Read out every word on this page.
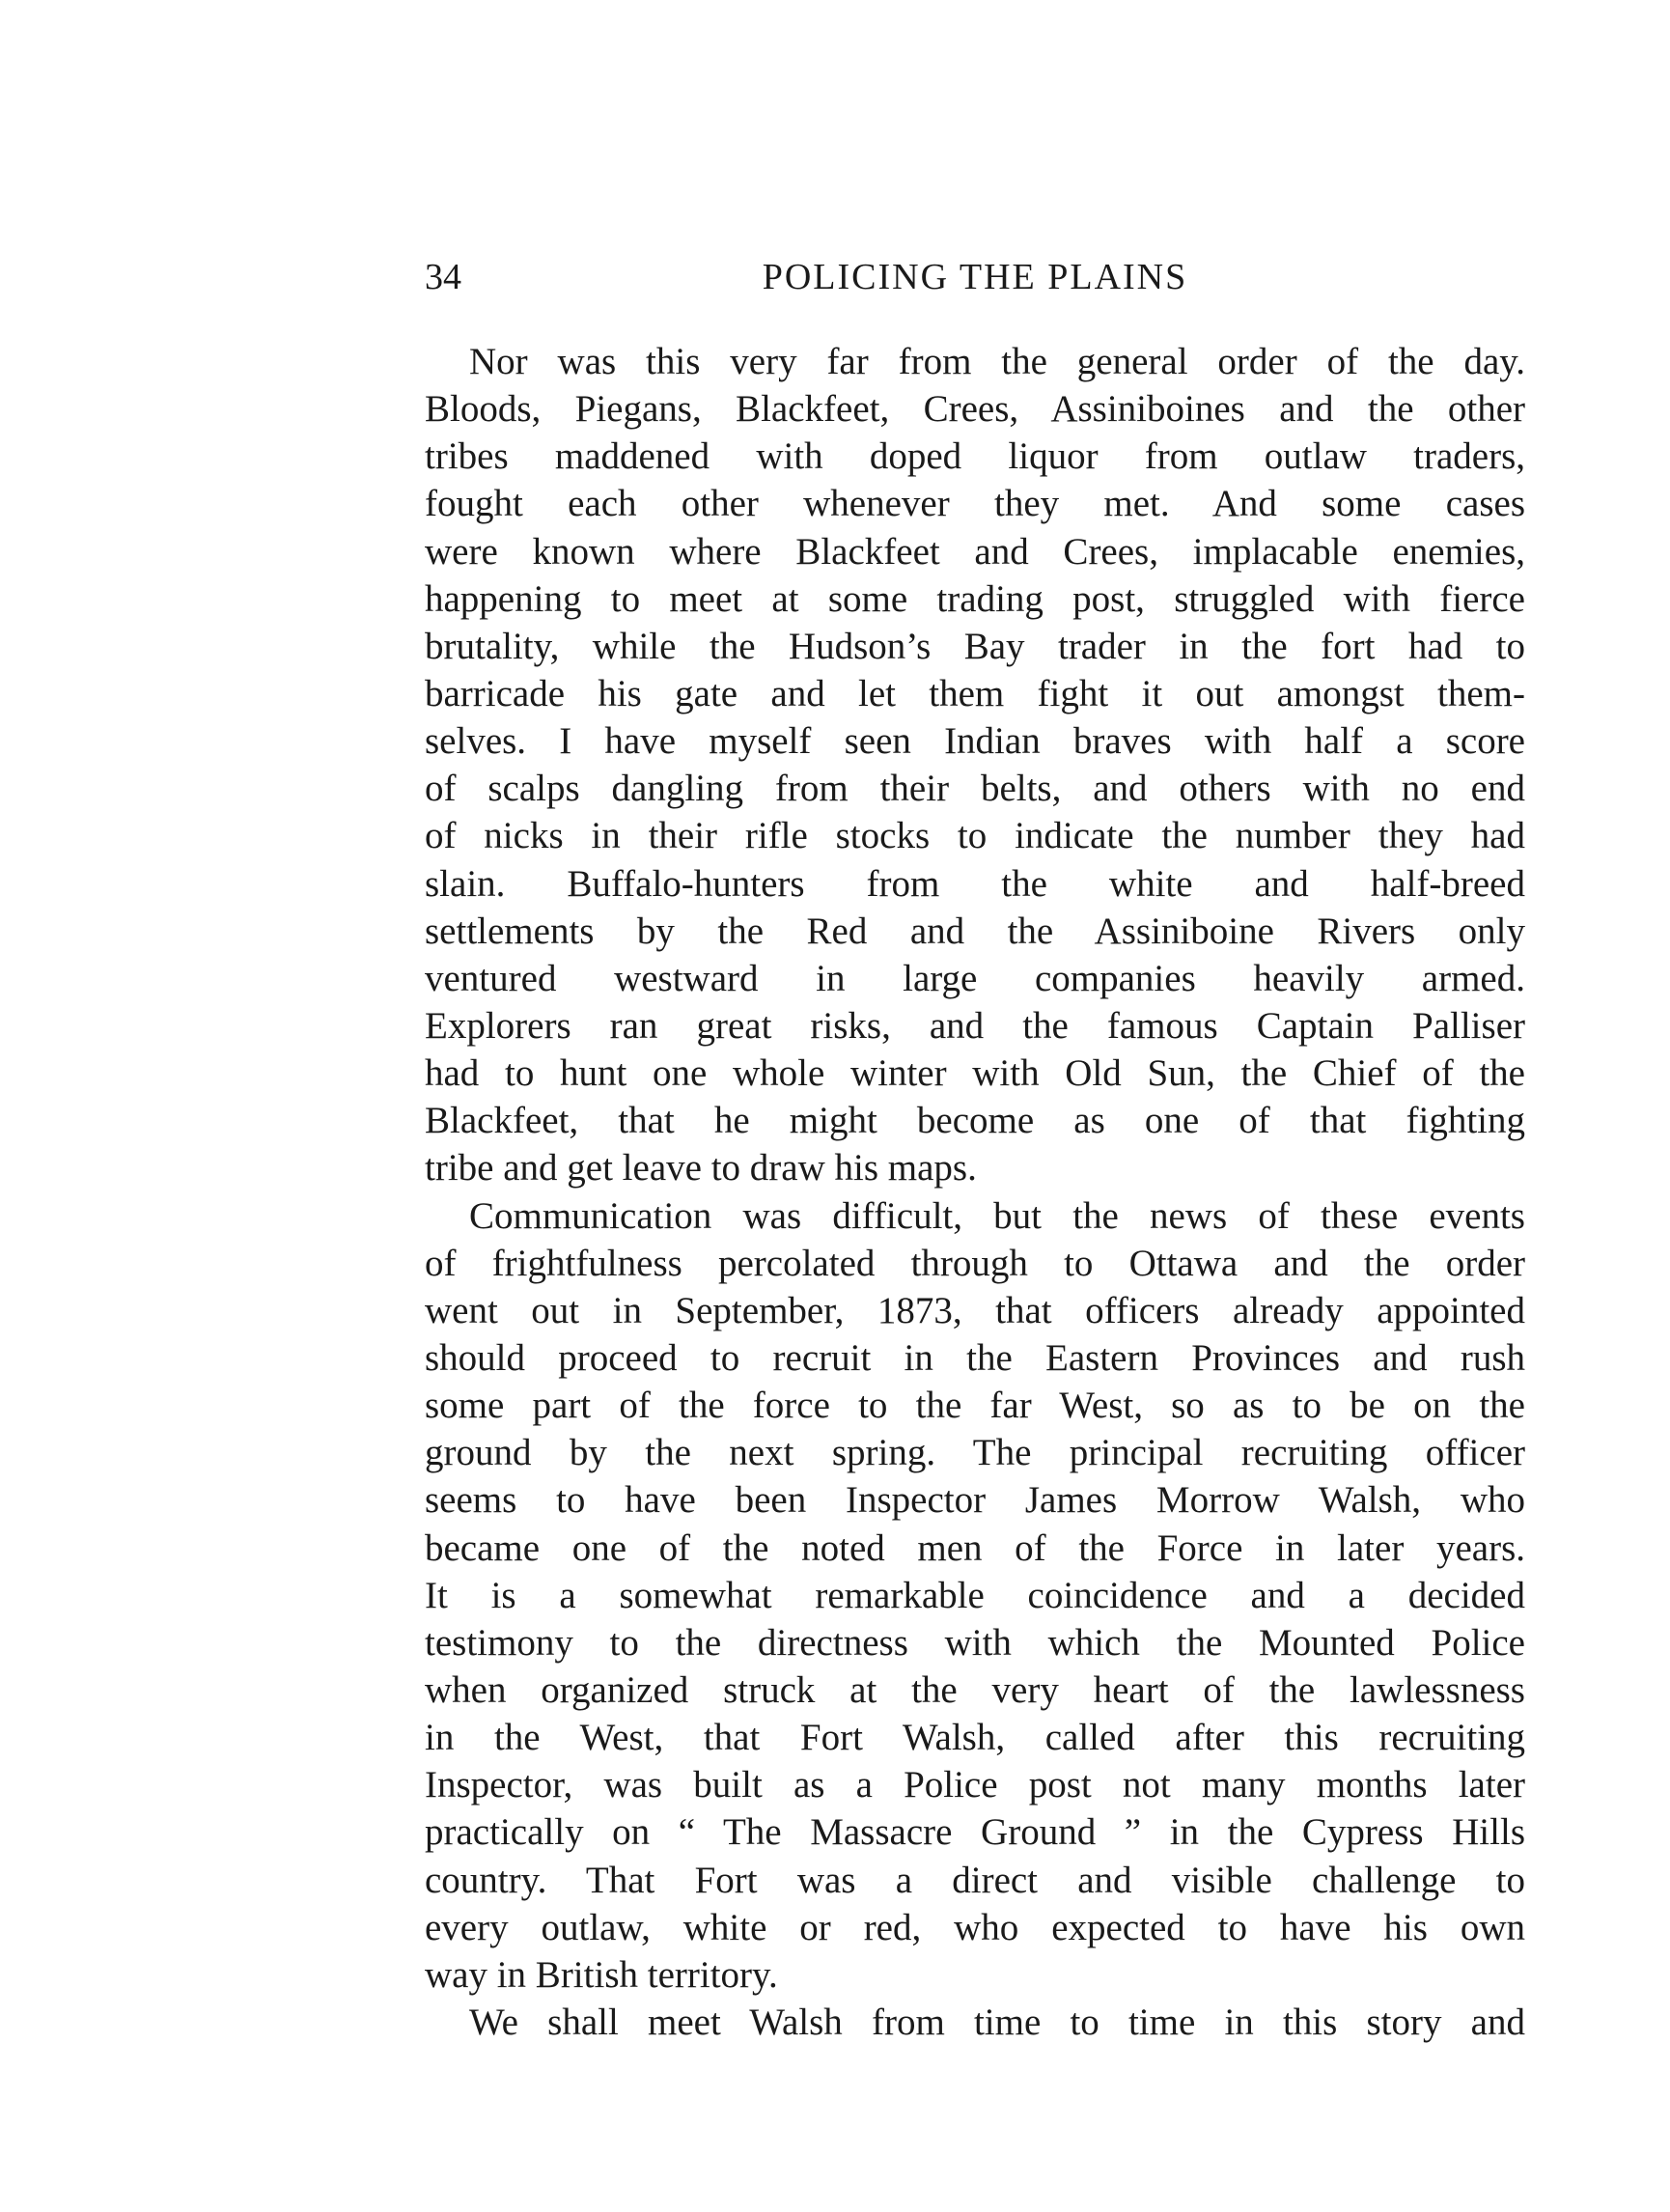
34	POLICING THE PLAINS
Nor was this very far from the general order of the day.
Bloods, Piegans, Blackfeet, Crees, Assiniboines and the other
tribes maddened with doped liquor from outlaw traders,
fought each other whenever they met. And some cases
were known where Blackfeet and Crees, implacable enemies,
happening to meet at some trading post, struggled with fierce
brutality, while the Hudson’s Bay trader in the fort had to
barricade his gate and let them fight it out amongst them-
selves. I have myself seen Indian braves with half a score
of scalps dangling from their belts, and others with no end
of nicks in their rifle stocks to indicate the number they had
slain. Buffalo-hunters from the white and half-breed
settlements by the Red and the Assiniboine Rivers only
ventured westward in large companies heavily armed.
Explorers ran great risks, and the famous Captain Palliser
had to hunt one whole winter with Old Sun, the Chief of the
Blackfeet, that he might become as one of that fighting
tribe and get leave to draw his maps.
Communication was difficult, but the news of these events
of frightfulness percolated through to Ottawa and the order
went out in September, 1873, that officers already appointed
should proceed to recruit in the Eastern Provinces and rush
some part of the force to the far West, so as to be on the
ground by the next spring. The principal recruiting officer
seems to have been Inspector James Morrow Walsh, who
became one of the noted men of the Force in later years.
It is a somewhat remarkable coincidence and a decided
testimony to the directness with which the Mounted Police
when organized struck at the very heart of the lawlessness
in the West, that Fort Walsh, called after this recruiting
Inspector, was built as a Police post not many months later
practically on “ The Massacre Ground ” in the Cypress Hills
country. That Fort was a direct and visible challenge to
every outlaw, white or red, who expected to have his own
way in British territory.
We shall meet Walsh from time to time in this story and
